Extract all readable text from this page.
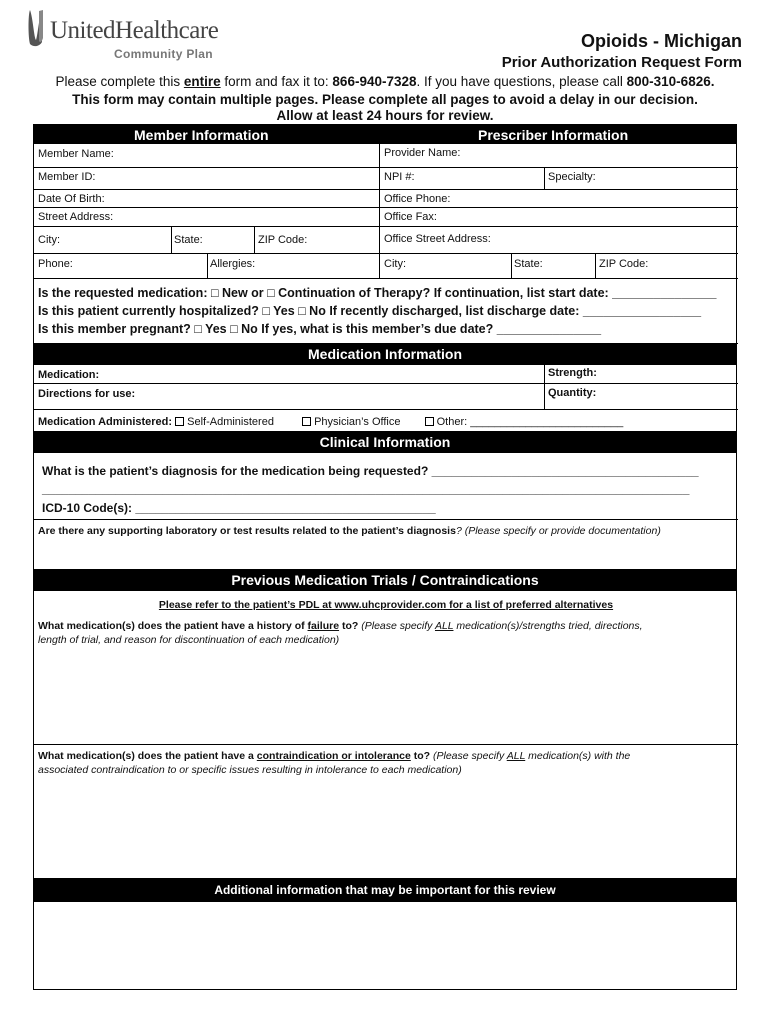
UnitedHealthcare
Community Plan
Opioids - Michigan
Prior Authorization Request Form
Please complete this entire form and fax it to: 866-940-7328. If you have questions, please call 800-310-6826.
This form may contain multiple pages. Please complete all pages to avoid a delay in our decision.
Allow at least 24 hours for review.
Member Information	Prescriber Information
Member Name:
Member ID:
Date Of Birth:
Street Address:
City:	State:	ZIP Code:
Phone:	Allergies:
Provider Name:
NPI #:	Specialty:
Office Phone:
Office Fax:
Office Street Address:
City:	State:	ZIP Code:
Is the requested medication: □ New or □ Continuation of Therapy? If continuation, list start date: _______________
Is this patient currently hospitalized? □ Yes □ No If recently discharged, list discharge date: _________________
Is this member pregnant? □ Yes □ No If yes, what is this member’s due date? _______________
Medication Information
Medication:	Strength:
Directions for use:	Quantity:
Medication Administered: Self-Administered	Physician’s Office	Other: _________________________
Clinical Information
What is the patient’s diagnosis for the medication being requested? ________________________________________
_________________________________________________________________________________________________
ICD-10 Code(s): _____________________________________________
Are there any supporting laboratory or test results related to the patient’s diagnosis? (Please specify or provide documentation)
Previous Medication Trials / Contraindications
Please refer to the patient’s PDL at www.uhcprovider.com for a list of preferred alternatives
What medication(s) does the patient have a history of failure to? (Please specify ALL medication(s)/strengths tried, directions,
length of trial, and reason for discontinuation of each medication)
What medication(s) does the patient have a contraindication or intolerance to? (Please specify ALL medication(s) with the
associated contraindication to or specific issues resulting in intolerance to each medication)
Additional information that may be important for this review
